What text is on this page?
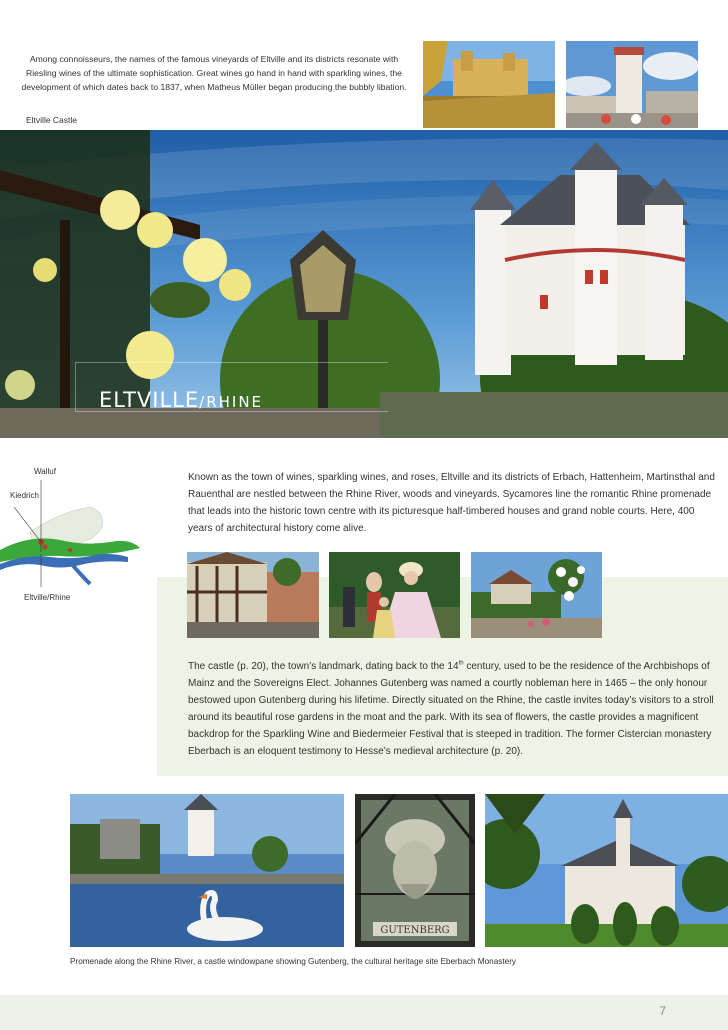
Among connoisseurs, the names of the famous vineyards of Eltville and its districts resonate with
Riesling wines of the ultimate sophistication. Great wines go hand in hand with sparkling wines, the
development of which dates back to 1837, when Matheus Müller began producing the bubbly libation.
Eltville Castle
ELTVILLE/RHINE
Walluf
Kiedrich
Eltville/Rhine
Known as the town of wines, sparkling wines, and roses, Eltville and its districts of Erbach, Hattenheim, Martinsthal and Rauenthal are nestled between the Rhine River, woods and vineyards. Sycamores line the romantic Rhine promenade that leads into the historic town centre with its picturesque half-timbered houses and grand noble courts. Here, 400 years of architectural history come alive.
The castle (p. 20), the town’s landmark, dating back to the 14th century, used to be the residence of the Archbishops of Mainz and the Sovereigns Elect. Johannes Gutenberg was named a courtly nobleman here in 1465 – the only honour bestowed upon Gutenberg during his lifetime. Directly situated on the Rhine, the castle invites today’s visitors to a stroll around its beautiful rose gardens in the moat and the park. With its sea of flowers, the castle provides a magnificent backdrop for the Sparkling Wine and Biedermeier Festival that is steeped in tradition. The former Cistercian monastery Eberbach is an eloquent testimony to Hesse’s medieval architecture (p. 20).
GUTENBERG
Promenade along the Rhine River, a castle windowpane showing Gutenberg, the cultural heritage site Eberbach Monastery
7
